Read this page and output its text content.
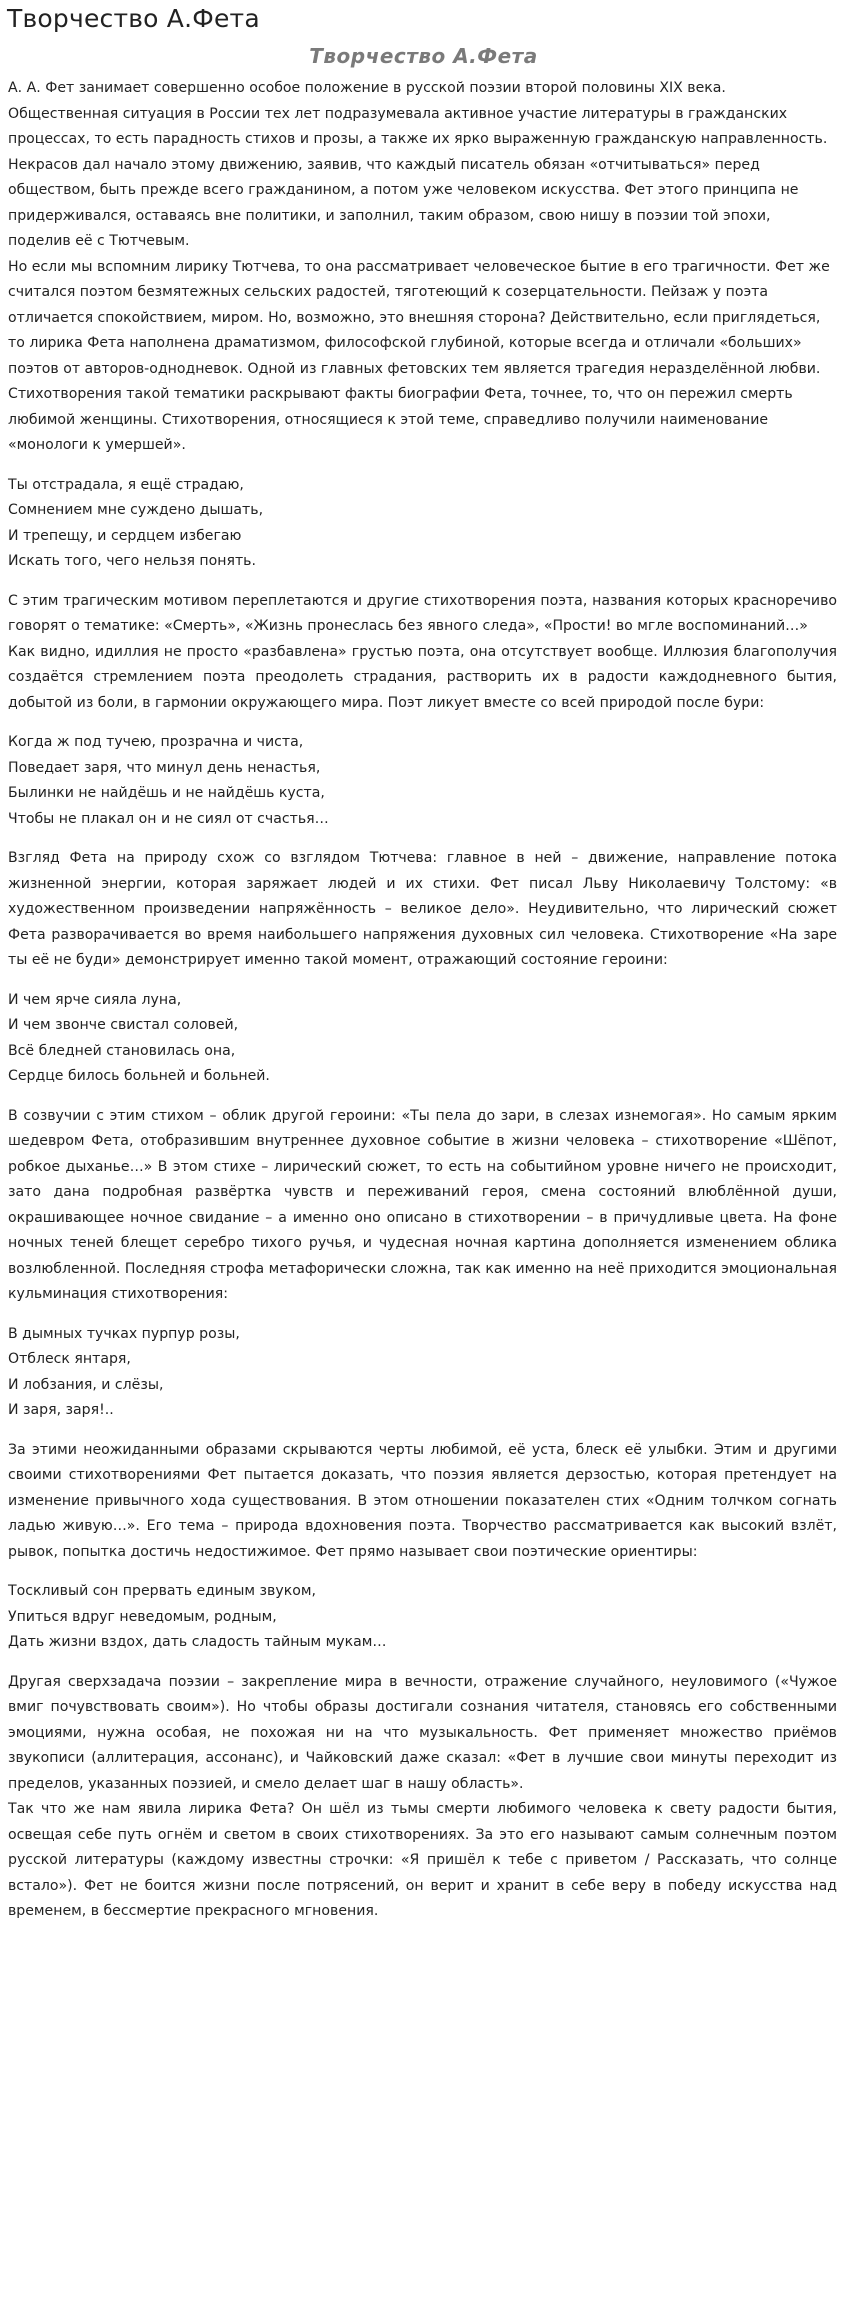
Творчество А.Фета
Творчество А.Фета

А. А. Фет занимает совершенно особое положение в русской поэзии второй половины XIX века. Общественная ситуация в России тех лет подразумевала активное участие литературы в гражданских процессах, то есть парадность стихов и прозы, а также их ярко выраженную гражданскую направленность. Некрасов дал начало этому движению, заявив, что каждый писатель обязан «отчитываться» перед обществом, быть прежде всего гражданином, а потом уже человеком искусства. Фет этого принципа не придерживался, оставаясь вне политики, и заполнил, таким образом, свою нишу в поэзии той эпохи, поделив её с Тютчевым.

Но если мы вспомним лирику Тютчева, то она рассматривает человеческое бытие в его трагичности. Фет же считался поэтом безмятежных сельских радостей, тяготеющий к созерцательности. Пейзаж у поэта отличается спокойствием, миром. Но, возможно, это внешняя сторона? Действительно, если приглядеться, то лирика Фета наполнена драматизмом, философской глубиной, которые всегда и отличали «больших» поэтов от авторов-однодневок. Одной из главных фетовских тем является трагедия неразделённой любви. Стихотворения такой тематики раскрывают факты биографии Фета, точнее, то, что он пережил смерть любимой женщины. Стихотворения, относящиеся к этой теме, справедливо получили наименование «монологи к умершей».

Ты отстрадала, я ещё страдаю,
Сомнением мне суждено дышать,
И трепещу, и сердцем избегаю
Искать того, чего нельзя понять.

С этим трагическим мотивом переплетаются и другие стихотворения поэта, названия которых красноречиво говорят о тематике: «Смерть», «Жизнь пронеслась без явного следа», «Прости! во мгле воспоминаний…»

Как видно, идиллия не просто «разбавлена» грустью поэта, она отсутствует вообще. Иллюзия благополучия создаётся стремлением поэта преодолеть страдания, растворить их в радости каждодневного бытия, добытой из боли, в гармонии окружающего мира. Поэт ликует вместе со всей природой после бури:

Когда ж под тучею, прозрачна и чиста,
Поведает заря, что минул день ненастья,
Былинки не найдёшь и не найдёшь куста,
Чтобы не плакал он и не сиял от счастья…

Взгляд Фета на природу схож со взглядом Тютчева: главное в ней – движение, направление потока жизненной энергии, которая заряжает людей и их стихи. Фет писал Льву Николаевичу Толстому: «в художественном произведении напряжённость – великое дело». Неудивительно, что лирический сюжет Фета разворачивается во время наибольшего напряжения духовных сил человека. Стихотворение «На заре ты её не буди» демонстрирует именно такой момент, отражающий состояние героини:

И чем ярче сияла луна,
И чем звонче свистал соловей,
Всё бледней становилась она,
Сердце билось больней и больней.

В созвучии с этим стихом – облик другой героини: «Ты пела до зари, в слезах изнемогая». Но самым ярким шедевром Фета, отобразившим внутреннее духовное событие в жизни человека – стихотворение «Шёпот, робкое дыханье…» В этом стихе – лирический сюжет, то есть на событийном уровне ничего не происходит, зато дана подробная развёртка чувств и переживаний героя, смена состояний влюблённой души, окрашивающее ночное свидание – а именно оно описано в стихотворении – в причудливые цвета. На фоне ночных теней блещет серебро тихого ручья, и чудесная ночная картина дополняется изменением облика возлюбленной. Последняя строфа метафорически сложна, так как именно на неё приходится эмоциональная кульминация стихотворения:

В дымных тучках пурпур розы,
Отблеск янтаря,
И лобзания, и слёзы,
И заря, заря!..

За этими неожиданными образами скрываются черты любимой, её уста, блеск её улыбки. Этим и другими своими стихотворениями Фет пытается доказать, что поэзия является дерзостью, которая претендует на изменение привычного хода существования. В этом отношении показателен стих «Одним толчком согнать ладью живую…». Его тема – природа вдохновения поэта. Творчество рассматривается как высокий взлёт, рывок, попытка достичь недостижимое. Фет прямо называет свои поэтические ориентиры:

Тоскливый сон прервать единым звуком,
Упиться вдруг неведомым, родным,
Дать жизни вздох, дать сладость тайным мукам…

Другая сверхзадача поэзии – закрепление мира в вечности, отражение случайного, неуловимого («Чужое вмиг почувствовать своим»). Но чтобы образы достигали сознания читателя, становясь его собственными эмоциями, нужна особая, не похожая ни на что музыкальность. Фет применяет множество приёмов звукописи (аллитерация, ассонанс), и Чайковский даже сказал: «Фет в лучшие свои минуты переходит из пределов, указанных поэзией, и смело делает шаг в нашу область».

Так что же нам явила лирика Фета? Он шёл из тьмы смерти любимого человека к свету радости бытия, освещая себе путь огнём и светом в своих стихотворениях. За это его называют самым солнечным поэтом русской литературы (каждому известны строчки: «Я пришёл к тебе с приветом / Рассказать, что солнце встало»). Фет не боится жизни после потрясений, он верит и хранит в себе веру в победу искусства над временем, в бессмертие прекрасного мгновения.
